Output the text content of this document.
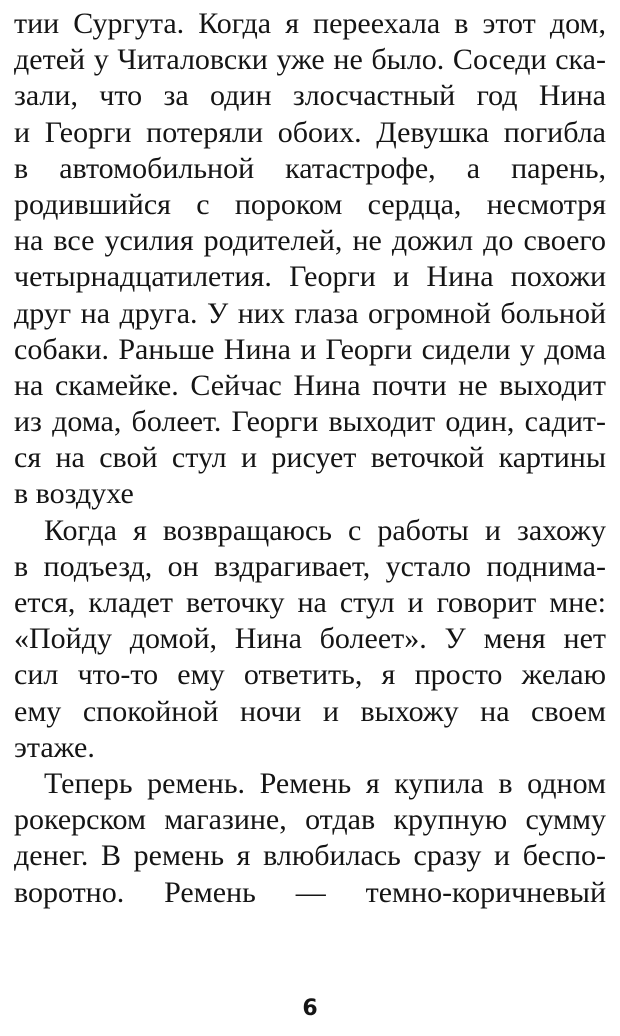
тии Сургута. Когда я переехала в этот дом,
детей у Читаловски уже не было. Соседи ска-
зали, что за один злосчастный год Нина
и Георги потеряли обоих. Девушка погибла
в автомобильной катастрофе, а парень,
родившийся с пороком сердца, несмотря
на все усилия родителей, не дожил до своего
четырнадцатилетия. Георги и Нина похожи
друг на друга. У них глаза огромной больной
собаки. Раньше Нина и Георги сидели у дома
на скамейке. Сейчас Нина почти не выходит
из дома, болеет. Георги выходит один, садит-
ся на свой стул и рисует веточкой картины
в воздухе

Когда я возвращаюсь с работы и захожу
в подъезд, он вздрагивает, устало поднима-
ется, кладет веточку на стул и говорит мне:
«Пойду домой, Нина болеет». У меня нет
сил что-то ему ответить, я просто желаю
ему спокойной ночи и выхожу на своем
этаже.

Теперь ремень. Ремень я купила в одном
рокерском магазине, отдав крупную сумму
денег. В ремень я влюбилась сразу и беспо-
воротно. Ремень — темно-коричневый

6
